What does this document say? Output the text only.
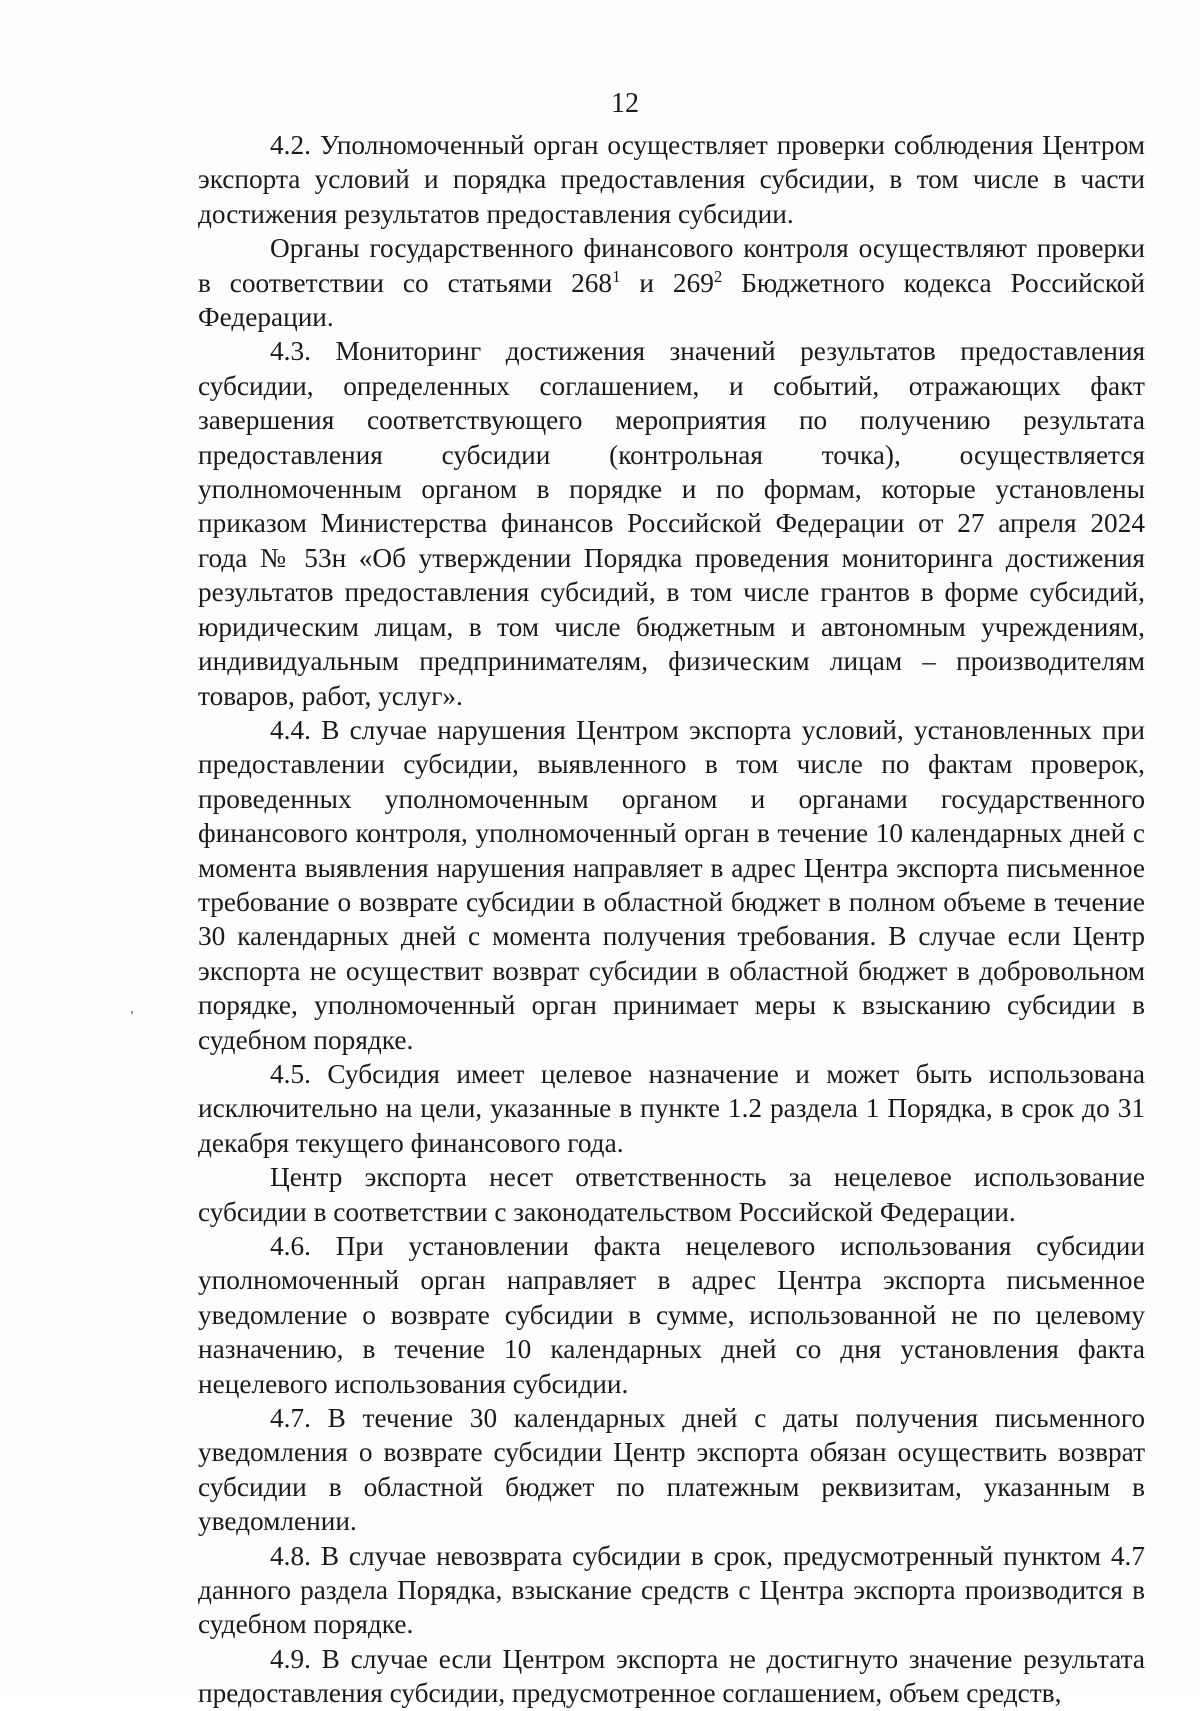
12

4.2. Уполномоченный орган осуществляет проверки соблюдения Центром экспорта условий и порядка предоставления субсидии, в том числе в части достижения результатов предоставления субсидии.

Органы государственного финансового контроля осуществляют проверки в соответствии со статьями $268^1$ и $269^2$ Бюджетного кодекса Российской Федерации.

4.3. Мониторинг достижения значений результатов предоставления субсидии, определенных соглашением, и событий, отражающих факт завершения соответствующего мероприятия по получению результата предоставления субсидии (контрольная точка), осуществляется уполномоченным органом в порядке и по формам, которые установлены приказом Министерства финансов Российской Федерации от 27 апреля 2024 года № 53н «Об утверждении Порядка проведения мониторинга достижения результатов предоставления субсидий, в том числе грантов в форме субсидий, юридическим лицам, в том числе бюджетным и автономным учреждениям, индивидуальным предпринимателям, физическим лицам – производителям товаров, работ, услуг».

4.4. В случае нарушения Центром экспорта условий, установленных при предоставлении субсидии, выявленного в том числе по фактам проверок, проведенных уполномоченным органом и органами государственного финансового контроля, уполномоченный орган в течение 10 календарных дней с момента выявления нарушения направляет в адрес Центра экспорта письменное требование о возврате субсидии в областной бюджет в полном объеме в течение 30 календарных дней с момента получения требования. В случае если Центр экспорта не осуществит возврат субсидии в областной бюджет в добровольном порядке, уполномоченный орган принимает меры к взысканию субсидии в судебном порядке.

4.5. Субсидия имеет целевое назначение и может быть использована исключительно на цели, указанные в пункте 1.2 раздела 1 Порядка, в срок до 31 декабря текущего финансового года.

Центр экспорта несет ответственность за нецелевое использование субсидии в соответствии с законодательством Российской Федерации.

4.6. При установлении факта нецелевого использования субсидии уполномоченный орган направляет в адрес Центра экспорта письменное уведомление о возврате субсидии в сумме, использованной не по целевому назначению, в течение 10 календарных дней со дня установления факта нецелевого использования субсидии.

4.7. В течение 30 календарных дней с даты получения письменного уведомления о возврате субсидии Центр экспорта обязан осуществить возврат субсидии в областной бюджет по платежным реквизитам, указанным в уведомлении.

4.8. В случае невозврата субсидии в срок, предусмотренный пунктом 4.7 данного раздела Порядка, взыскание средств с Центра экспорта производится в судебном порядке.

4.9. В случае если Центром экспорта не достигнуто значение результата предоставления субсидии, предусмотренное соглашением, объем средств,
